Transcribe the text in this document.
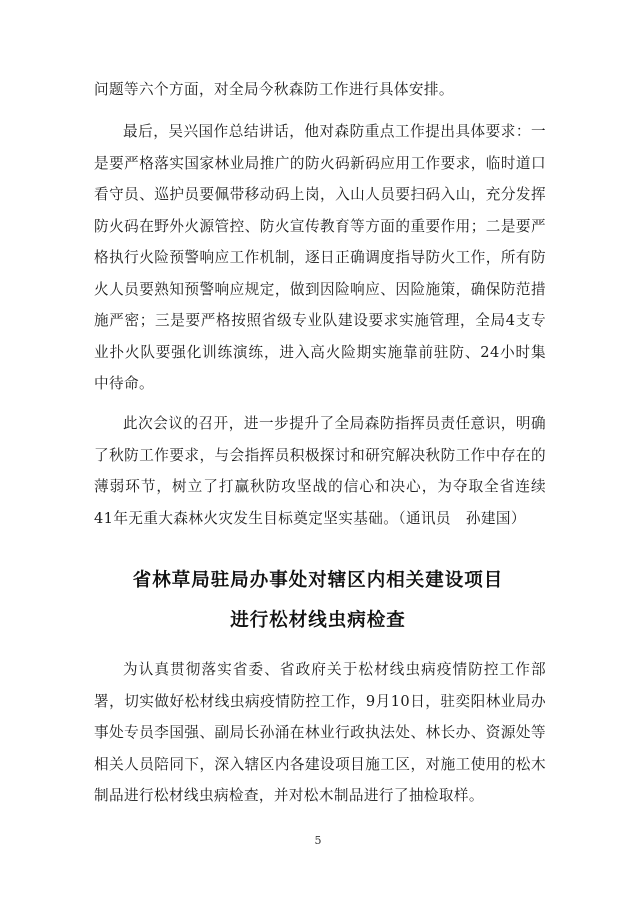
问题等六个方面，对全局今秋森防工作进行具体安排。

最后，吴兴国作总结讲话，他对森防重点工作提出具体要求：一是要严格落实国家林业局推广的防火码新码应用工作要求，临时道口看守员、巡护员要佩带移动码上岗，入山人员要扫码入山，充分发挥防火码在野外火源管控、防火宣传教育等方面的重要作用；二是要严格执行火险预警响应工作机制，逐日正确调度指导防火工作，所有防火人员要熟知预警响应规定，做到因险响应、因险施策，确保防范措施严密；三是要严格按照省级专业队建设要求实施管理，全局4支专业扑火队要强化训练演练，进入高火险期实施靠前驻防、24小时集中待命。

此次会议的召开，进一步提升了全局森防指挥员责任意识，明确了秋防工作要求，与会指挥员积极探讨和研究解决秋防工作中存在的薄弱环节，树立了打赢秋防攻坚战的信心和决心，为夺取全省连续41年无重大森林火灾发生目标奠定坚实基础。（通讯员　孙建国）

省林草局驻局办事处对辖区内相关建设项目
进行松材线虫病检查

为认真贯彻落实省委、省政府关于松材线虫病疫情防控工作部署，切实做好松材线虫病疫情防控工作，9月10日，驻奕阳林业局办事处专员李国强、副局长孙涌在林业行政执法处、林长办、资源处等相关人员陪同下，深入辖区内各建设项目施工区，对施工使用的松木制品进行松材线虫病检查，并对松木制品进行了抽检取样。

5
